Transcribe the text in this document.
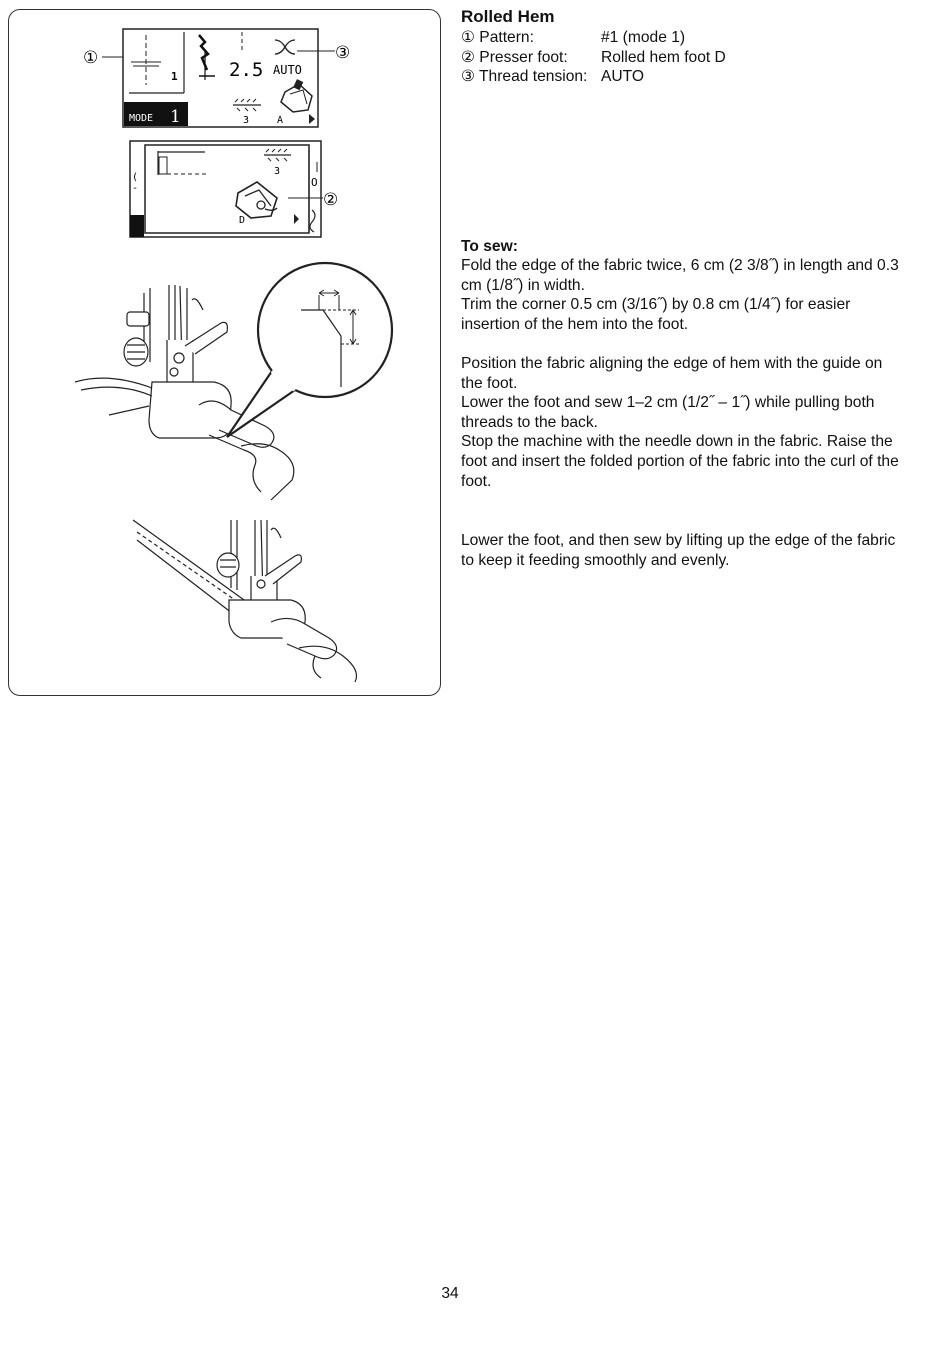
1	2.5 AUTO
MODE 1	3	A
①	③
(
-
3
O
D
②
Rolled Hem
① Pattern:	#1 (mode 1)
② Presser foot:	Rolled hem foot D
③ Thread tension: AUTO
To sew:

Fold the edge of the fabric twice, 6 cm (2 3/8˝) in length and 0.3 cm (1/8˝) in width.

Trim the corner 0.5 cm (3/16˝) by 0.8 cm (1/4˝) for easier insertion of the hem into the foot.

Position the fabric aligning the edge of hem with the guide on the foot.

Lower the foot and sew 1–2 cm (1/2˝ – 1˝) while pulling both threads to the back.

Stop the machine with the needle down in the fabric. Raise the foot and insert the folded portion of the fabric into the curl of the foot.

Lower the foot, and then sew by lifting up the edge of the fabric to keep it feeding smoothly and evenly.

34
